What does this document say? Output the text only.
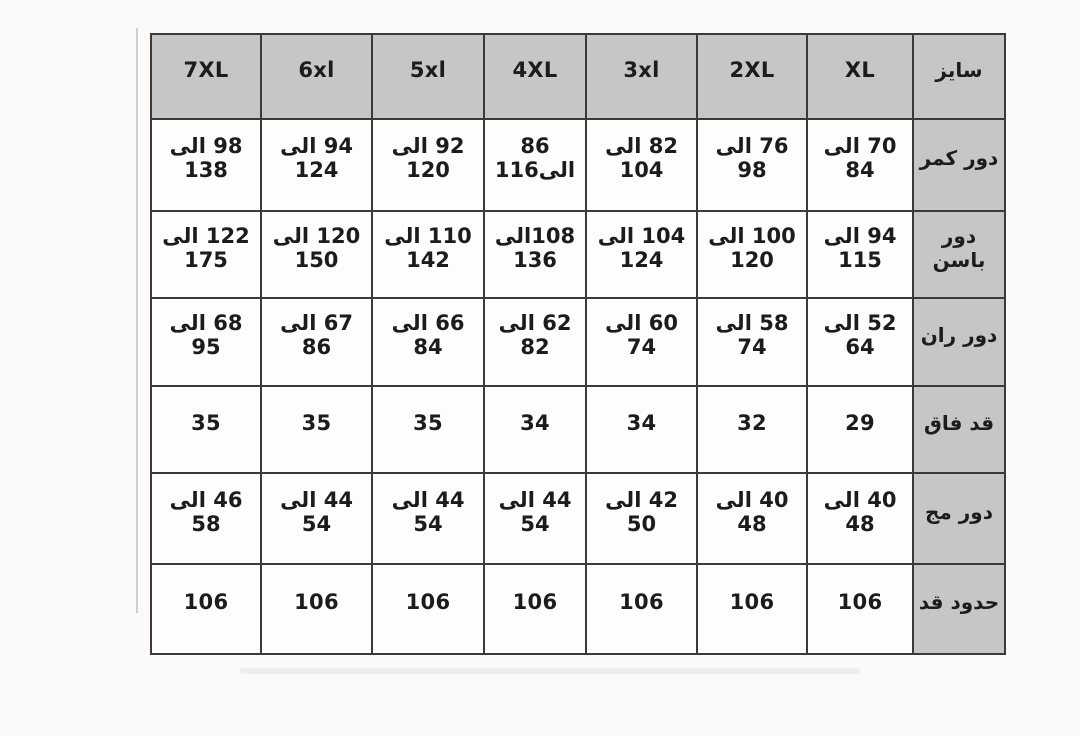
7XL	6xl	5xl	4XL	3xl	2XL	XL	سايز
98 الى 138	94 الى 124	92 الى 120	86 الى116	82 الى 104	76 الى 98	70 الى 84	دور كمر
122 الى 175	120 الى 150	110 الى 142	108الى 136	104 الى 124	100 الى 120	94 الى 115	دور باسن
68 الى 95	67 الى 86	66 الى 84	62 الى 82	60 الى 74	58 الى 74	52 الى 64	دور ران
35	35	35	34	34	32	29	قد فاق
46 الى 58	44 الى 54	44 الى 54	44 الى 54	42 الى 50	40 الى 48	40 الى 48	دور مج
106	106	106	106	106	106	106	حدود قد
